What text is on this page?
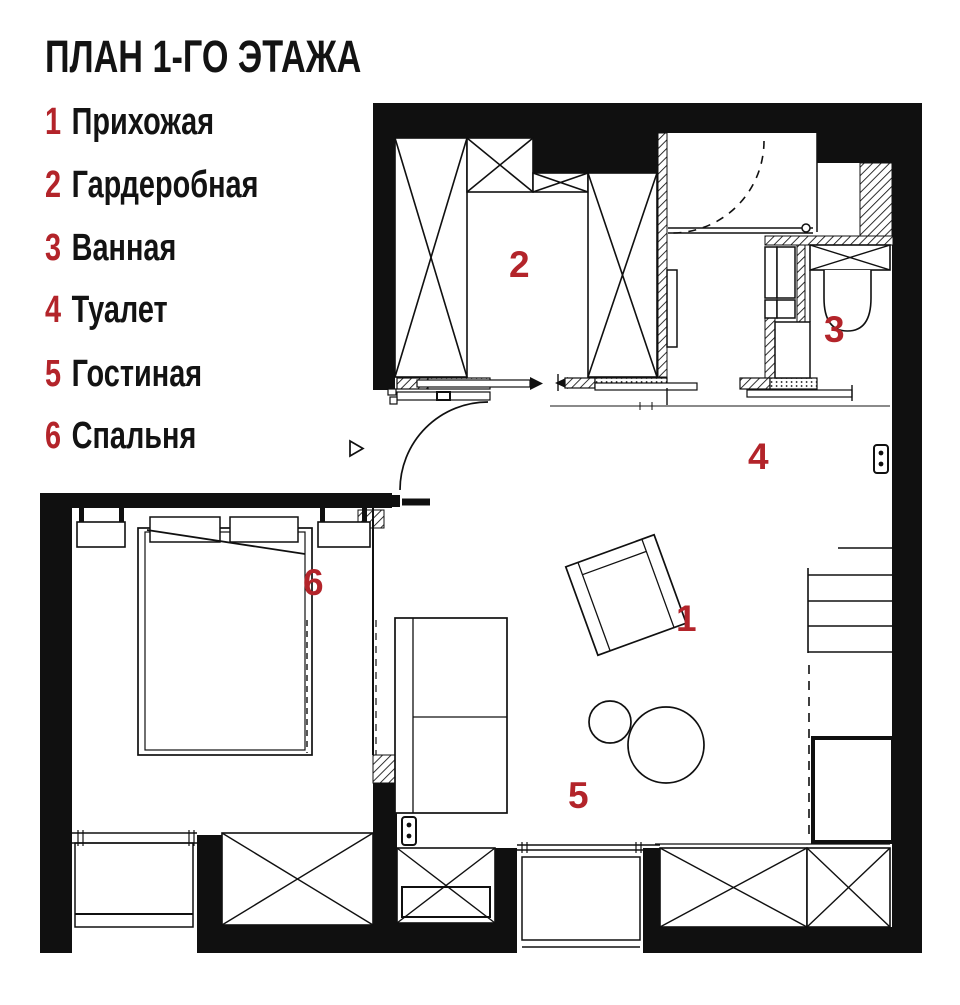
ПЛАН 1-ГО ЭТАЖА
1 Прихожая
2 Гардеробная
3 Ванная
4 Туалет
5 Гостиная
6 Спальня
2
3
4
1
5
6
